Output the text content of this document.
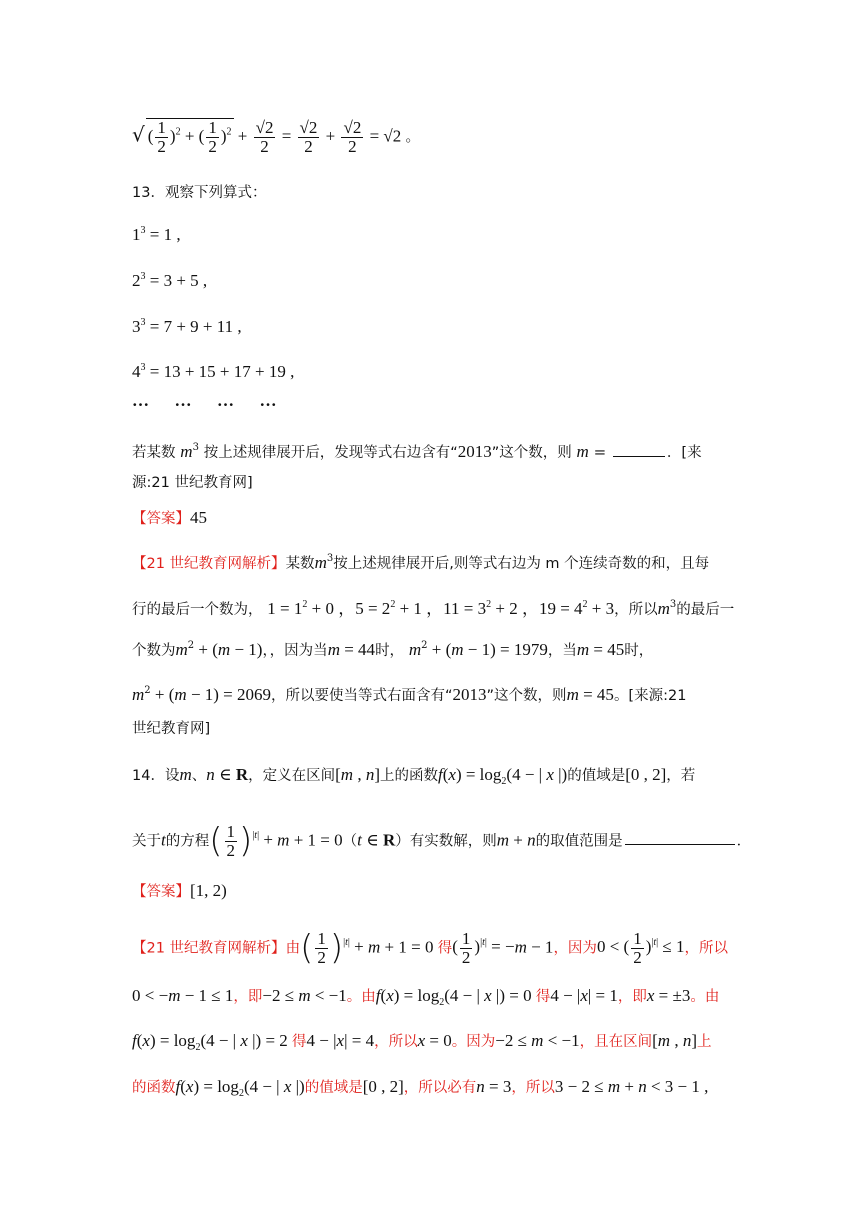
√ ( $\frac{1}{2} )^2$ + ( $\frac{1}{2} )^2 + \frac{√2}{2} = \frac{√2}{2} + \frac{√2}{2} = √2$ 。
13．观察下列算式：
$1^3 = 1$ ,
$2^3 = 3 + 5$ ,
$3^3 = 7 + 9 + 11$ ,
$4^3 = 13 + 15 + 17 + 19$ ,
… … … …
若某数 $m^3$ 按上述规律展开后，发现等式右边含有“2013”这个数，则 m =	．[来
源:21 世纪教育网]
【答案】45
【21 世纪教育网解析】某数$m^3$按上述规律展开后,则等式右边为 m 个连续奇数的和，且每
行的最后一个数为， $1 = 1^2 + 0$ ，$5 = 2^2 + 1$ ，$11 = 3^2 + 2$ ，$19 = 4^2 + 3$，所以$m^3$的最后一
个数为$m^2 + (m - 1)$，，因为当m = 44时， $m^2 + (m - 1) = 1979$，当m = 45时，
$m^2 + (m - 1) = 2069$，所以要使当等式右面含有“2013”这个数，则m = 45。[来源:21
世纪教育网]
14．设m、n ∈ R，定义在区间[m , n]上的函数$f(x) = \log_2(4$ − | x |)的值域是[0 , 2]，若
关于t的方程( $\frac{1}{2} )^{|t|} + m + 1 = 0(t$ ∈ R）有实数解，则m + n的取值范围是	．
【答案】[1, 2)
【21 世纪教育网解析】由( $\frac{1}{2} )^{|t|} + m + 1 = 0$ 得( $\frac{1}{2} )^{|t|} = -m - 1$，因为0 < ( $\frac{1}{2} )^{|t|} \le 1$，所以
0 < −m − 1 ≤ 1，即−2 ≤ m < −1。由$f(x) = \log_2(4$ − | x |) = 0 得4 − |x| = 1，即x = ±3。由
$f(x) = \log_2(4$ − | x |) = 2 得4 − |x| = 4，所以x = 0。因为−2 ≤ m < −1，且在区间[m , n]上
的函数$f(x) = \log_2(4$ − | x |)的值域是[0 , 2]，所以必有n = 3，所以3 − 2 ≤ m + n < 3 − 1 ,
